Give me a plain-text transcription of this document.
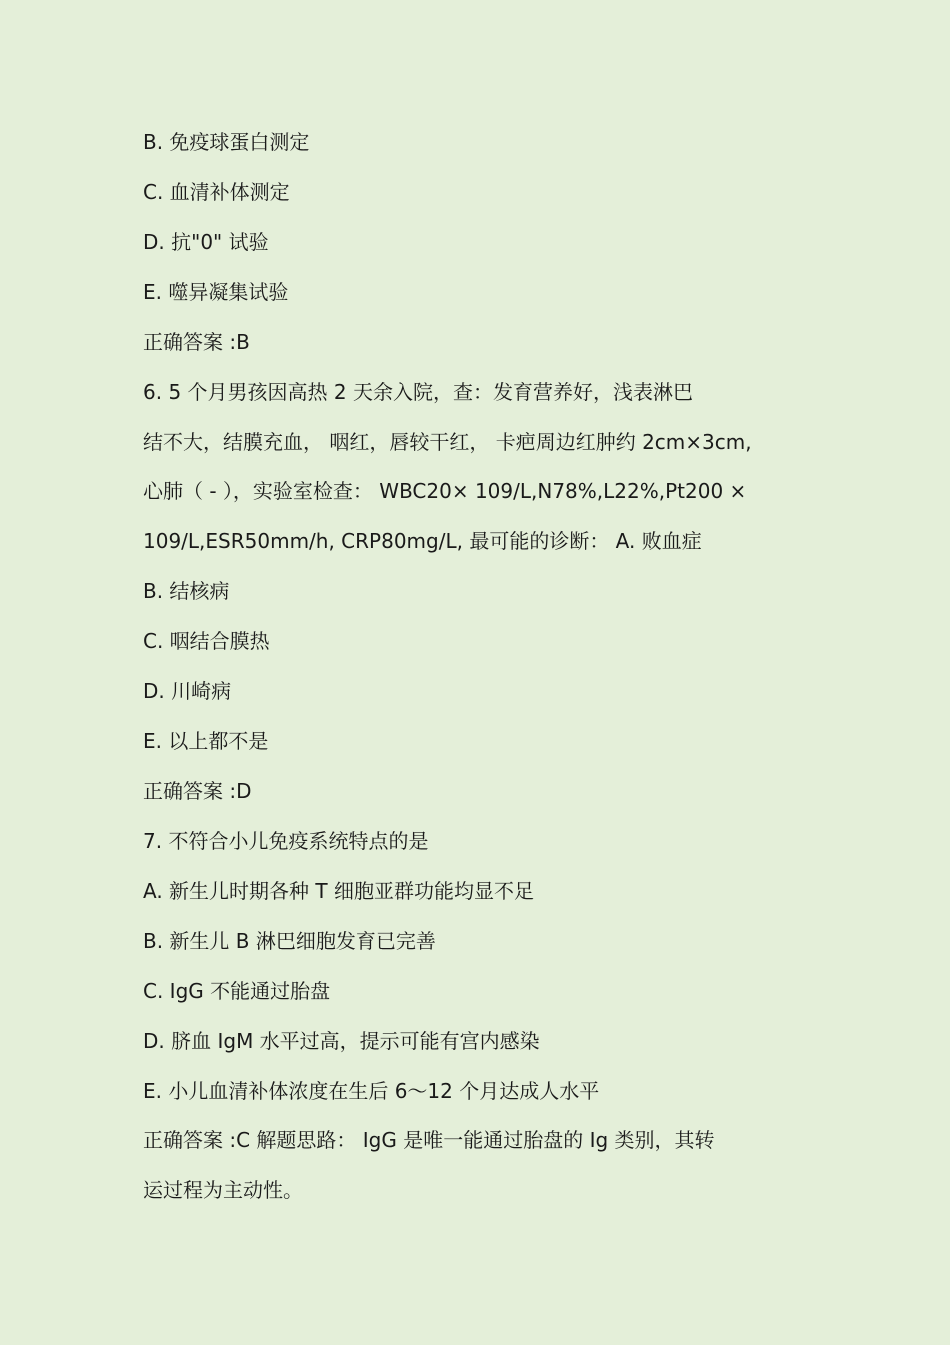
B. 免疫球蛋白测定
C. 血清补体测定
D. 抗"0" 试验
E. 噬异凝集试验
正确答案 :B
6. 5 个月男孩因高热 2 天余入院，查：发育营养好，浅表淋巴
结不大，结膜充血， 咽红，唇较干红， 卡疤周边红肿约 2cm×3cm,
心肺（ - ），实验室检查： WBC20× 109/L,N78%,L22%,Pt200 ×
109/L,ESR50mm/h, CRP80mg/L, 最可能的诊断： A. 败血症
B. 结核病
C. 咽结合膜热
D. 川崎病
E. 以上都不是
正确答案 :D
7. 不符合小儿免疫系统特点的是
A. 新生儿时期各种 T 细胞亚群功能均显不足
B. 新生儿 B 淋巴细胞发育已完善
C. IgG 不能通过胎盘
D. 脐血 IgM 水平过高，提示可能有宫内感染
E. 小儿血清补体浓度在生后 6～12 个月达成人水平
正确答案 :C 解题思路： IgG 是唯一能通过胎盘的 Ig 类别，其转
运过程为主动性。
